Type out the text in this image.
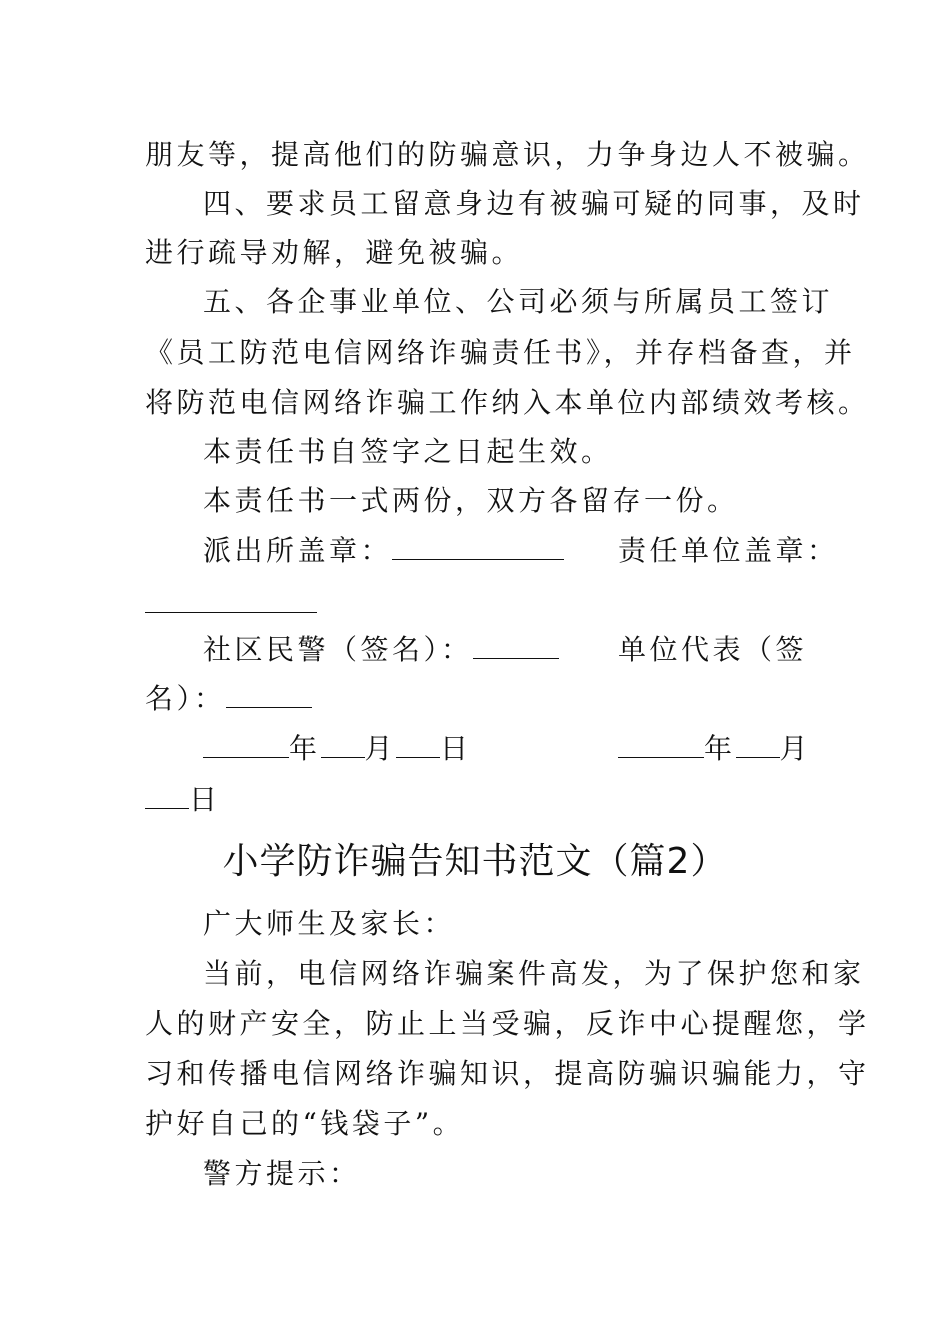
朋友等，提高他们的防骗意识，力争身边人不被骗。
四、要求员工留意身边有被骗可疑的同事，及时
进行疏导劝解，避免被骗。
五、各企事业单位、公司必须与所属员工签订
《员工防范电信网络诈骗责任书》，并存档备查，并
将防范电信网络诈骗工作纳入本单位内部绩效考核。
本责任书自签字之日起生效。
本责任书一式两份，双方各留存一份。
派出所盖章：	责任单位盖章：
社区民警（签名）：	单位代表（签
名）：
年 月 日	年 月
日
小学防诈骗告知书范文（篇2）
广大师生及家长：
当前，电信网络诈骗案件高发，为了保护您和家
人的财产安全，防止上当受骗，反诈中心提醒您，学
习和传播电信网络诈骗知识，提高防骗识骗能力，守
护好自己的“钱袋子”。
警方提示：
